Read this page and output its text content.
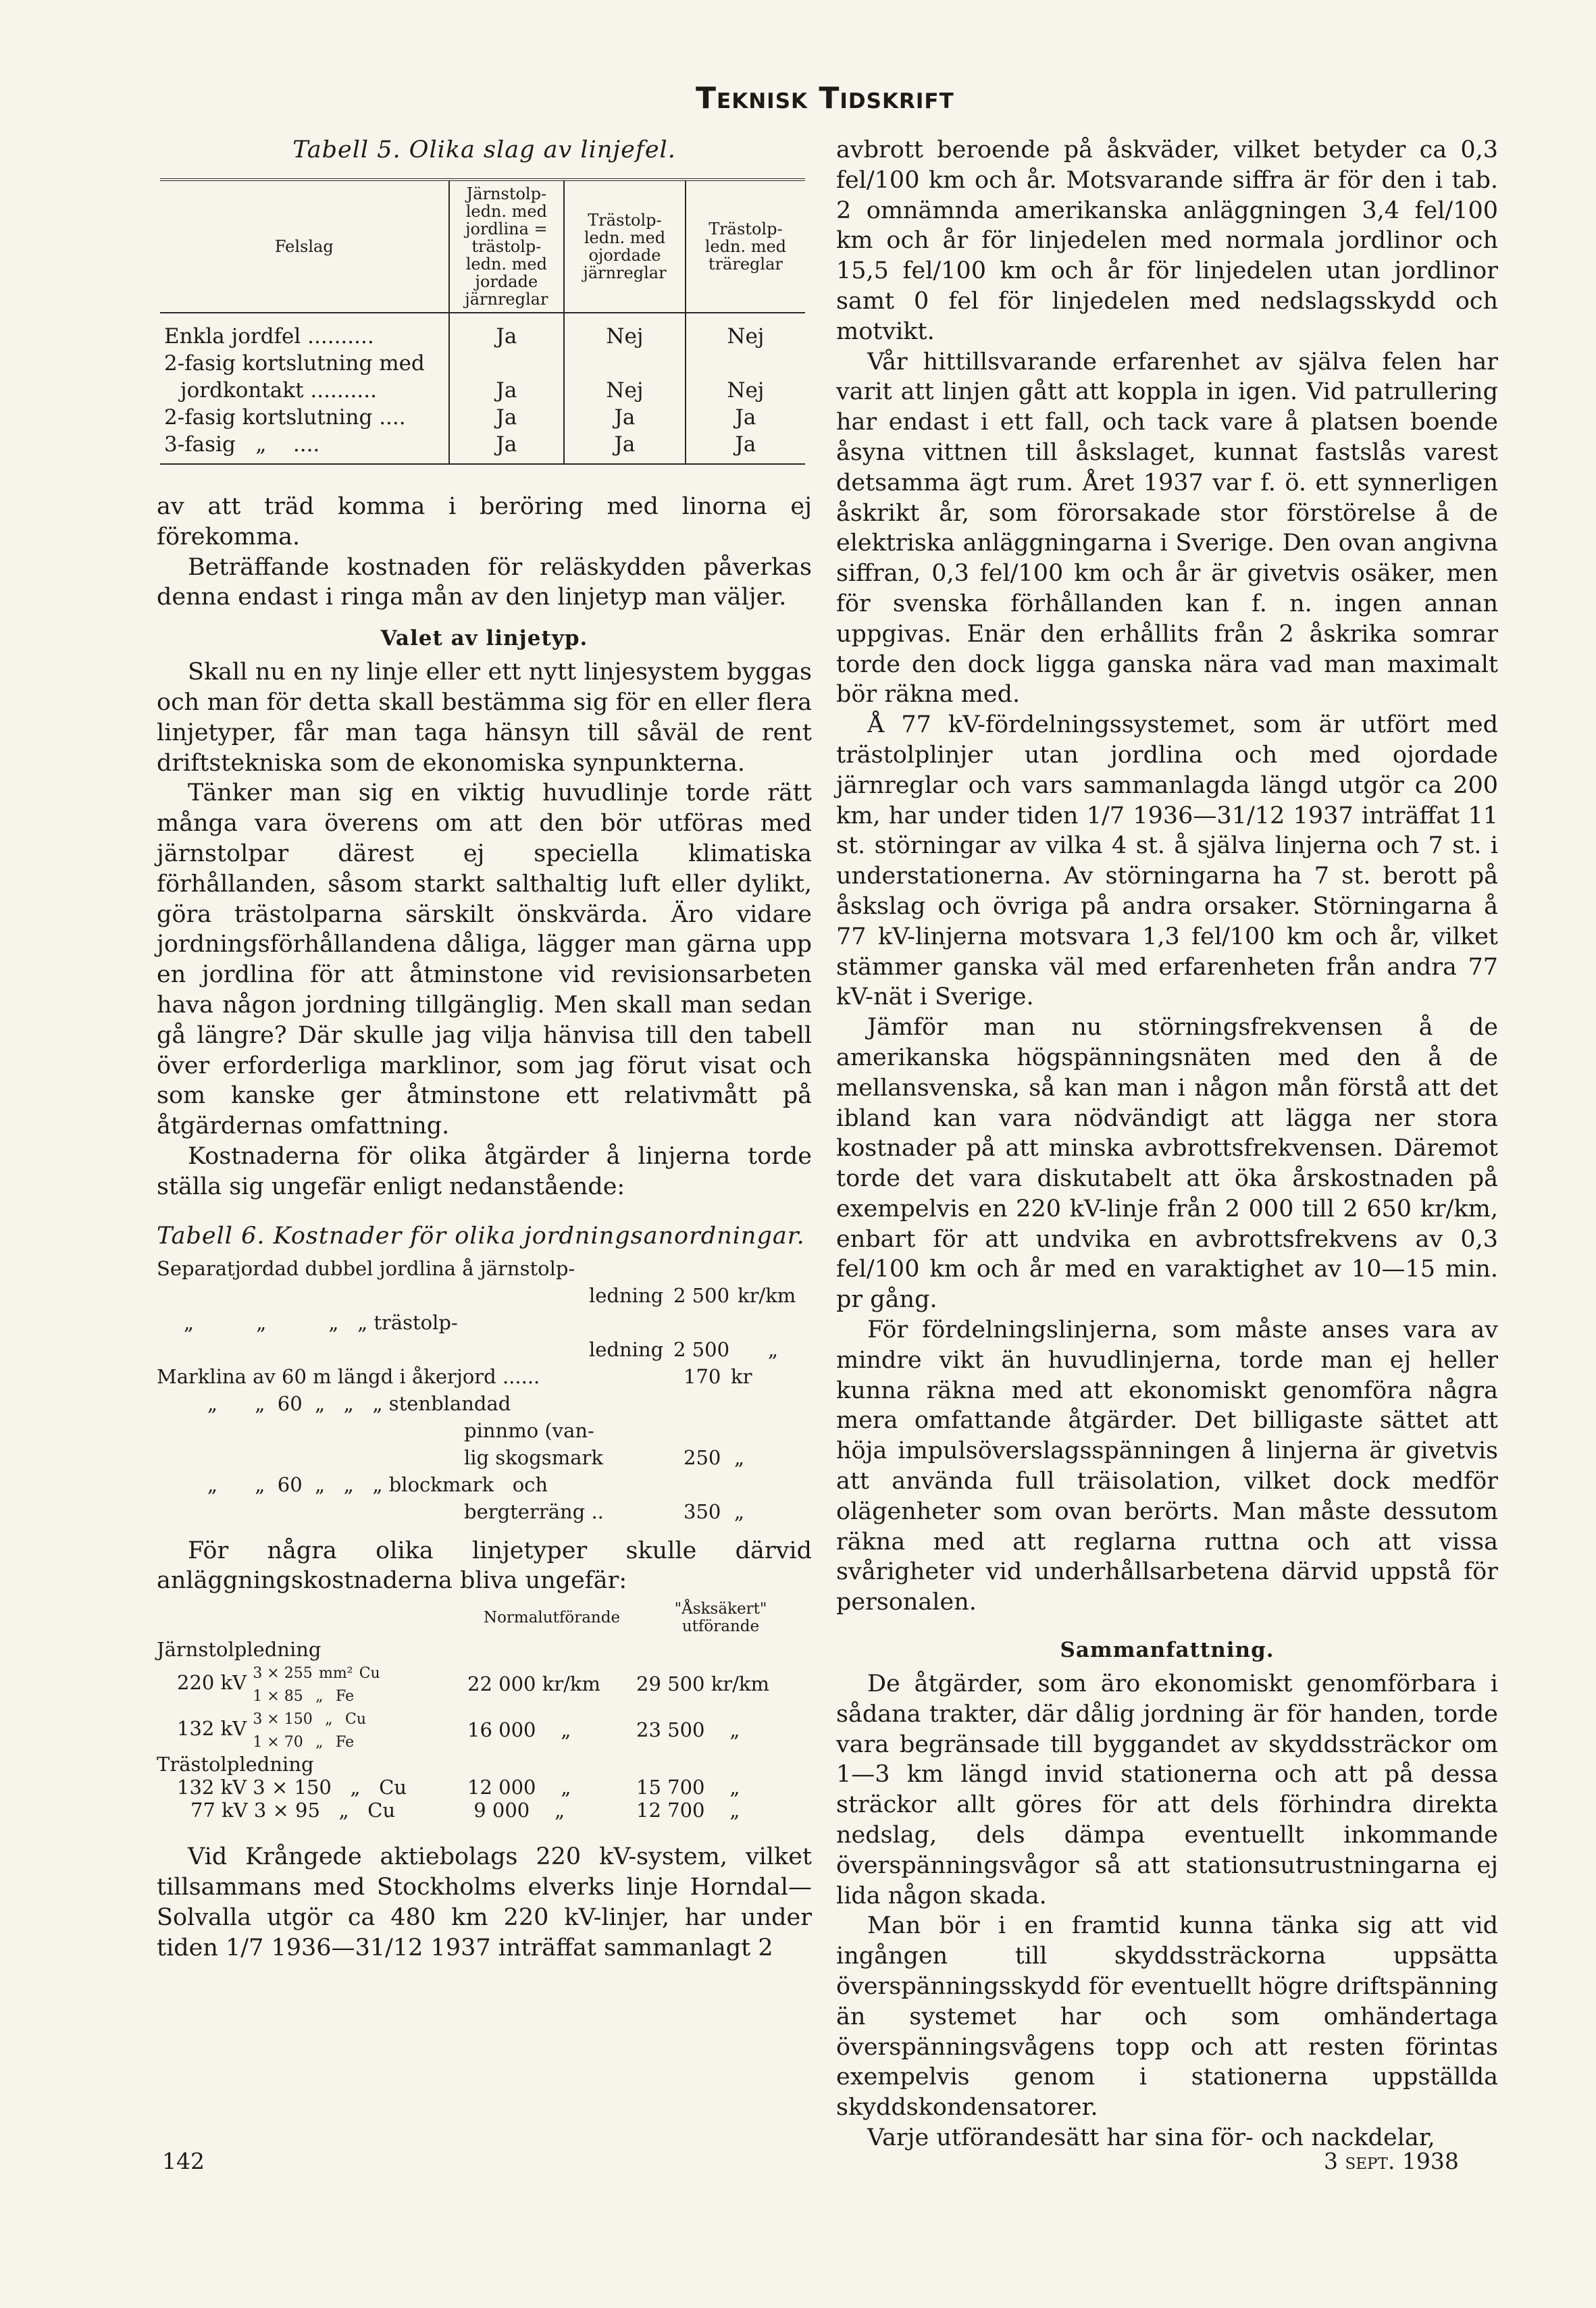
Teknisk Tidskrift
Tabell 5. Olika slag av linjefel.
Felslag	Järnstolp-ledn. med jordlina = trästolp-ledn. med jordade järnreglar	Trästolp-ledn. med ojordade järnreglar	Trästolp-ledn. med träreglar
Enkla jordfel ..........	Ja	Nej	Nej
2-fasig kortslutning med			
jordkontakt ..........	Ja	Nej	Nej
2-fasig kortslutning ....	Ja	Ja	Ja
3-fasig   „    ....	Ja	Ja	Ja

av att träd komma i beröring med linorna ej förekomma.

Beträffande kostnaden för reläskydden påverkas denna endast i ringa mån av den linjetyp man väljer.

Valet av linjetyp.

Skall nu en ny linje eller ett nytt linjesystem byggas och man för detta skall bestämma sig för en eller flera linjetyper, får man taga hänsyn till såväl de rent driftstekniska som de ekonomiska synpunkterna.

Tänker man sig en viktig huvudlinje torde rätt många vara överens om att den bör utföras med järnstolpar därest ej speciella klimatiska förhållanden, såsom starkt salthaltig luft eller dylikt, göra trästolparna särskilt önskvärda. Äro vidare jordningsförhållandena dåliga, lägger man gärna upp en jordlina för att åtminstone vid revisionsarbeten hava någon jordning tillgänglig. Men skall man sedan gå längre? Där skulle jag vilja hänvisa till den tabell över erforderliga marklinor, som jag förut visat och som kanske ger åtminstone ett relativmått på åtgärdernas omfattning.

Kostnaderna för olika åtgärder å linjerna torde ställa sig ungefär enligt nedanstående:

Tabell 6. Kostnader för olika jordningsanordningar.
Separatjordad dubbel jordlina å järnstolp-
ledning 2 500 kr/km
„          „          „   „ trästolp-
ledning 2 500 „
Marklina av 60 m längd i åkerjord ......	170 kr
„      „  60  „   „   „ stenblandad
pinnmo (van-
lig skogsmark	250 „
„      „  60  „   „   „ blockmark   och
bergterräng ..	350 „

För några olika linjetyper skulle därvid anläggningskostnaderna bliva ungefär:

	Normalutförande	"Åsksäkert" utförande
Järnstolpledning		
220 kV 3 × 255 mm² Cu
1 × 85 „ Fe	22 000 kr/km	29 500 kr/km
132 kV 3 × 150 „ Cu
1 × 70 „ Fe	16 000 „	23 500 „
Trästolpledning		
132 kV 3 × 150 „ Cu	12 000 „	15 700 „
77 kV 3 × 95 „ Cu	9 000 „	12 700 „

Vid Krångede aktiebolags 220 kV-system, vilket tillsammans med Stockholms elverks linje Horndal—Solvalla utgör ca 480 km 220 kV-linjer, har under tiden 1/7 1936—31/12 1937 inträffat sammanlagt 2

avbrott beroende på åskväder, vilket betyder ca 0,3 fel/100 km och år. Motsvarande siffra är för den i tab. 2 omnämnda amerikanska anläggningen 3,4 fel/100 km och år för linjedelen med normala jordlinor och 15,5 fel/100 km och år för linjedelen utan jordlinor samt 0 fel för linjedelen med nedslagsskydd och motvikt.

Vår hittillsvarande erfarenhet av själva felen har varit att linjen gått att koppla in igen. Vid patrullering har endast i ett fall, och tack vare å platsen boende åsyna vittnen till åskslaget, kunnat fastslås varest detsamma ägt rum. Året 1937 var f. ö. ett synnerligen åskrikt år, som förorsakade stor förstörelse å de elektriska anläggningarna i Sverige. Den ovan angivna siffran, 0,3 fel/100 km och år är givetvis osäker, men för svenska förhållanden kan f. n. ingen annan uppgivas. Enär den erhållits från 2 åskrika somrar torde den dock ligga ganska nära vad man maximalt bör räkna med.

Å 77 kV-fördelningssystemet, som är utfört med trästolplinjer utan jordlina och med ojordade järnreglar och vars sammanlagda längd utgör ca 200 km, har under tiden 1/7 1936—31/12 1937 inträffat 11 st. störningar av vilka 4 st. å själva linjerna och 7 st. i understationerna. Av störningarna ha 7 st. berott på åskslag och övriga på andra orsaker. Störningarna å 77 kV-linjerna motsvara 1,3 fel/100 km och år, vilket stämmer ganska väl med erfarenheten från andra 77 kV-nät i Sverige.

Jämför man nu störningsfrekvensen å de amerikanska högspänningsnäten med den å de mellansvenska, så kan man i någon mån förstå att det ibland kan vara nödvändigt att lägga ner stora kostnader på att minska avbrottsfrekvensen. Däremot torde det vara diskutabelt att öka årskostnaden på exempelvis en 220 kV-linje från 2 000 till 2 650 kr/km, enbart för att undvika en avbrottsfrekvens av 0,3 fel/100 km och år med en varaktighet av 10—15 min. pr gång.

För fördelningslinjerna, som måste anses vara av mindre vikt än huvudlinjerna, torde man ej heller kunna räkna med att ekonomiskt genomföra några mera omfattande åtgärder. Det billigaste sättet att höja impulsöverslagsspänningen å linjerna är givetvis att använda full träisolation, vilket dock medför olägenheter som ovan berörts. Man måste dessutom räkna med att reglarna ruttna och att vissa svårigheter vid underhållsarbetena därvid uppstå för personalen.

Sammanfattning.

De åtgärder, som äro ekonomiskt genomförbara i sådana trakter, där dålig jordning är för handen, torde vara begränsade till byggandet av skyddssträckor om 1—3 km längd invid stationerna och att på dessa sträckor allt göres för att dels förhindra direkta nedslag, dels dämpa eventuellt inkommande överspänningsvågor så att stationsutrustningarna ej lida någon skada.

Man bör i en framtid kunna tänka sig att vid ingången till skyddssträckorna uppsätta överspänningsskydd för eventuellt högre driftspänning än systemet har och som omhändertaga överspänningsvågens topp och att resten förintas exempelvis genom i stationerna uppställda skyddskondensatorer.

Varje utförandesätt har sina för- och nackdelar,

142	3 sept. 1938
